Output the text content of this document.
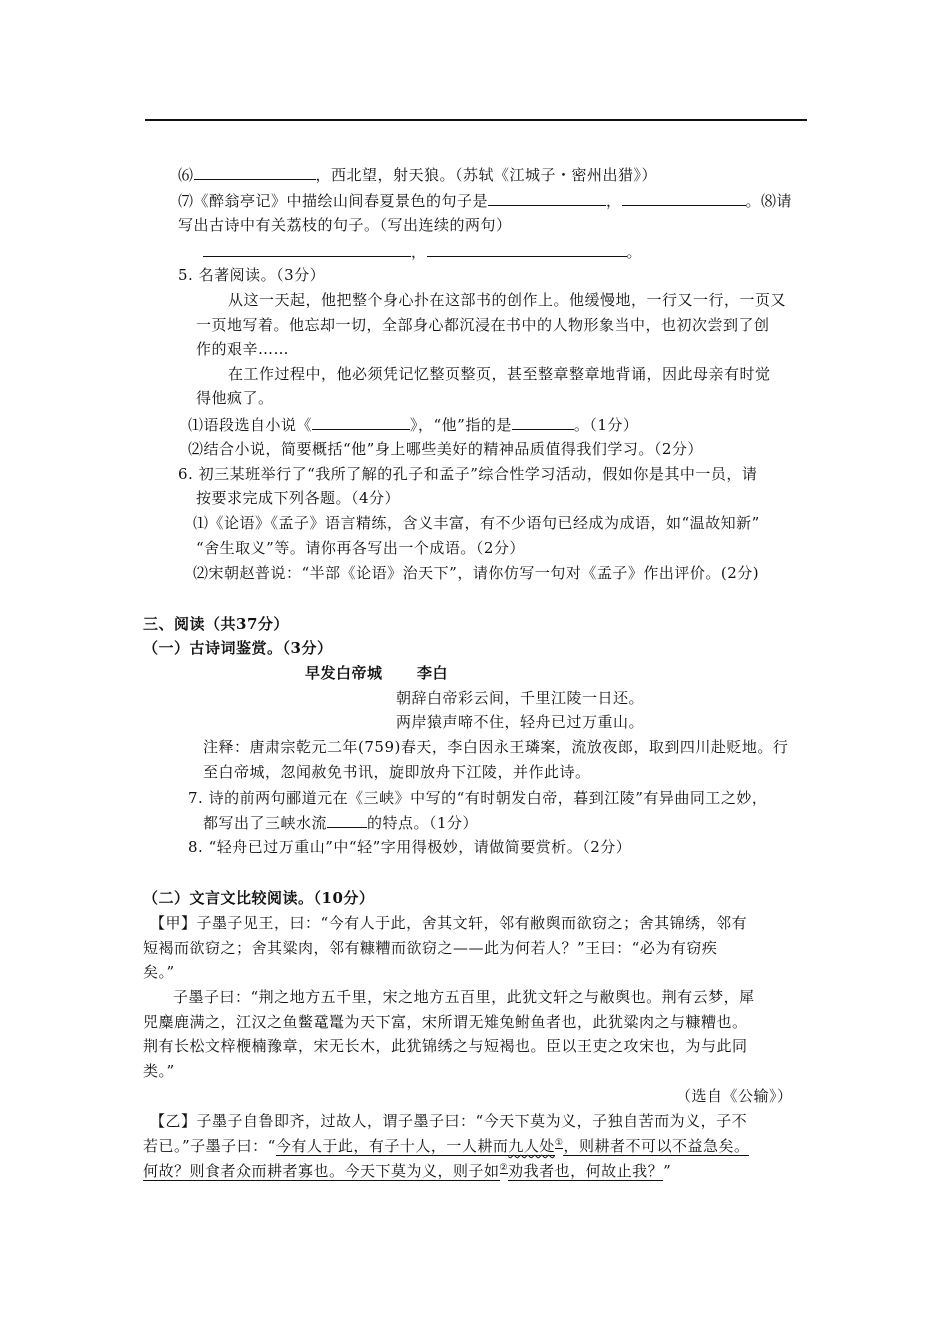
⑹	，西北望，射天狼。（苏轼《江城子・密州出猎》）
⑺《醉翁亭记》中描绘山间春夏景色的句子是	，	。⑻请
写出古诗中有关荔枝的句子。（写出连续的两句）
，	。
5. 名著阅读。（3分）
从这一天起，他把整个身心扑在这部书的创作上。他缓慢地，一行又一行，一页又
一页地写着。他忘却一切，全部身心都沉浸在书中的人物形象当中，也初次尝到了创
作的艰辛……
在工作过程中，他必须凭记忆整页整页，甚至整章整章地背诵，因此母亲有时觉
得他疯了。
⑴语段选自小说《	》，“他”指的是	。（1分）
⑵结合小说，简要概括“他”身上哪些美好的精神品质值得我们学习。（2分）
6. 初三某班举行了“我所了解的孔子和孟子”综合性学习活动，假如你是其中一员，请
按要求完成下列各题。（4分）
⑴《论语》《孟子》语言精练，含义丰富，有不少语句已经成为成语，如“温故知新”
“舍生取义”等。请你再各写出一个成语。（2分）
⑵宋朝赵普说：“半部《论语》治天下”，请你仿写一句对《孟子》作出评价。(2分)
三、阅读（共37分）
（一）古诗词鉴赏。（3分）
早发白帝城 李白
朝辞白帝彩云间，千里江陵一日还。
两岸猿声啼不住，轻舟已过万重山。
注释：唐肃宗乾元二年(759)春天，李白因永王璘案，流放夜郎，取到四川赴贬地。行
至白帝城，忽闻赦免书讯，旋即放舟下江陵，并作此诗。
7. 诗的前两句郦道元在《三峡》中写的“有时朝发白帝，暮到江陵”有异曲同工之妙，
都写出了三峡水流	的特点。（1分）
8. “轻舟已过万重山”中“轻”字用得极妙，请做简要赏析。（2分）
（二）文言文比较阅读。（10分）
【甲】子墨子见王，曰：“今有人于此，舍其文轩，邻有敝舆而欲窃之；舍其锦绣，邻有
短褐而欲窃之；舍其粱肉，邻有糠糟而欲窃之——此为何若人？”王曰：“必为有窃疾
矣。”
子墨子曰：“荆之地方五千里，宋之地方五百里，此犹文轩之与敝舆也。荆有云梦，犀
兕麋鹿满之，江汉之鱼鳖鼋鼍为天下富，宋所谓无雉兔鲋鱼者也，此犹粱肉之与糠糟也。
荆有长松文梓楩楠豫章，宋无长木，此犹锦绣之与短褐也。臣以王吏之攻宋也，为与此同
类。”
（选自《公输》）
【乙】子墨子自鲁即齐，过故人，谓子墨子曰：“今天下莫为义，子独自苦而为义，子不
若已。”子墨子曰：“今有人于此，有子十人，一人耕而九人处①，则耕者不可以不益急矣。
何故？则食者众而耕者寡也。今天下莫为义，则子如②劝我者也，何故止我？”
